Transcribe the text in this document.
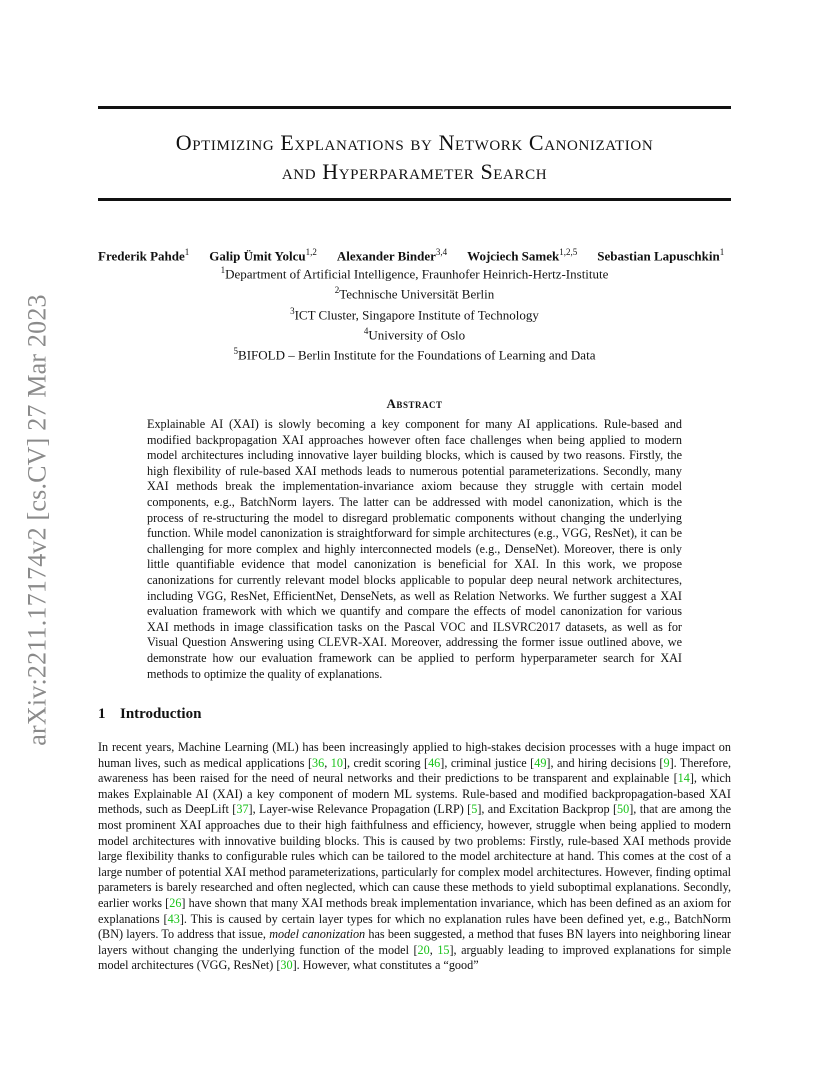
arXiv:2211.17174v2 [cs.CV] 27 Mar 2023
Optimizing Explanations by Network Canonization
and Hyperparameter Search
Frederik Pahde$^1$ Galip Ümit Yolcu$^{1,2}$ Alexander Binder$^{3,4}$ Wojciech Samek$^{1,2,5}$ Sebastian Lapuschkin$^1$
$^1$Department of Artificial Intelligence, Fraunhofer Heinrich-Hertz-Institute
$^2$Technische Universität Berlin
$^3$ICT Cluster, Singapore Institute of Technology
$^4$University of Oslo
$^5$BIFOLD – Berlin Institute for the Foundations of Learning and Data
Abstract
Explainable AI (XAI) is slowly becoming a key component for many AI applications. Rule-based and modified backpropagation XAI approaches however often face challenges when being applied to modern model architectures including innovative layer building blocks, which is caused by two reasons. Firstly, the high flexibility of rule-based XAI methods leads to numerous potential parameterizations. Secondly, many XAI methods break the implementation-invariance axiom because they struggle with certain model components, e.g., BatchNorm layers. The latter can be addressed with model canonization, which is the process of re-structuring the model to disregard problematic components without changing the underlying function. While model canonization is straightforward for simple architectures (e.g., VGG, ResNet), it can be challenging for more complex and highly interconnected models (e.g., DenseNet). Moreover, there is only little quantifiable evidence that model canonization is beneficial for XAI. In this work, we propose canonizations for currently relevant model blocks applicable to popular deep neural network architectures, including VGG, ResNet, EfficientNet, DenseNets, as well as Relation Networks. We further suggest a XAI evaluation framework with which we quantify and compare the effects of model canonization for various XAI methods in image classification tasks on the Pascal VOC and ILSVRC2017 datasets, as well as for Visual Question Answering using CLEVR-XAI. Moreover, addressing the former issue outlined above, we demonstrate how our evaluation framework can be applied to perform hyperparameter search for XAI methods to optimize the quality of explanations.
1 Introduction
In recent years, Machine Learning (ML) has been increasingly applied to high-stakes decision processes with a huge impact on human lives, such as medical applications [36, 10], credit scoring [46], criminal justice [49], and hiring decisions [9]. Therefore, awareness has been raised for the need of neural networks and their predictions to be transparent and explainable [14], which makes Explainable AI (XAI) a key component of modern ML systems. Rule-based and modified backpropagation-based XAI methods, such as DeepLift [37], Layer-wise Relevance Propagation (LRP) [5], and Excitation Backprop [50], that are among the most prominent XAI approaches due to their high faithfulness and efficiency, however, struggle when being applied to modern model architectures with innovative building blocks. This is caused by two problems: Firstly, rule-based XAI methods provide large flexibility thanks to configurable rules which can be tailored to the model architecture at hand. This comes at the cost of a large number of potential XAI method parameterizations, particularly for complex model architectures. However, finding optimal parameters is barely researched and often neglected, which can cause these methods to yield suboptimal explanations. Secondly, earlier works [26] have shown that many XAI methods break implementation invariance, which has been defined as an axiom for explanations [43]. This is caused by certain layer types for which no explanation rules have been defined yet, e.g., BatchNorm (BN) layers. To address that issue, model canonization has been suggested, a method that fuses BN layers into neighboring linear layers without changing the underlying function of the model [20, 15], arguably leading to improved explanations for simple model architectures (VGG, ResNet) [30]. However, what constitutes a “good”
